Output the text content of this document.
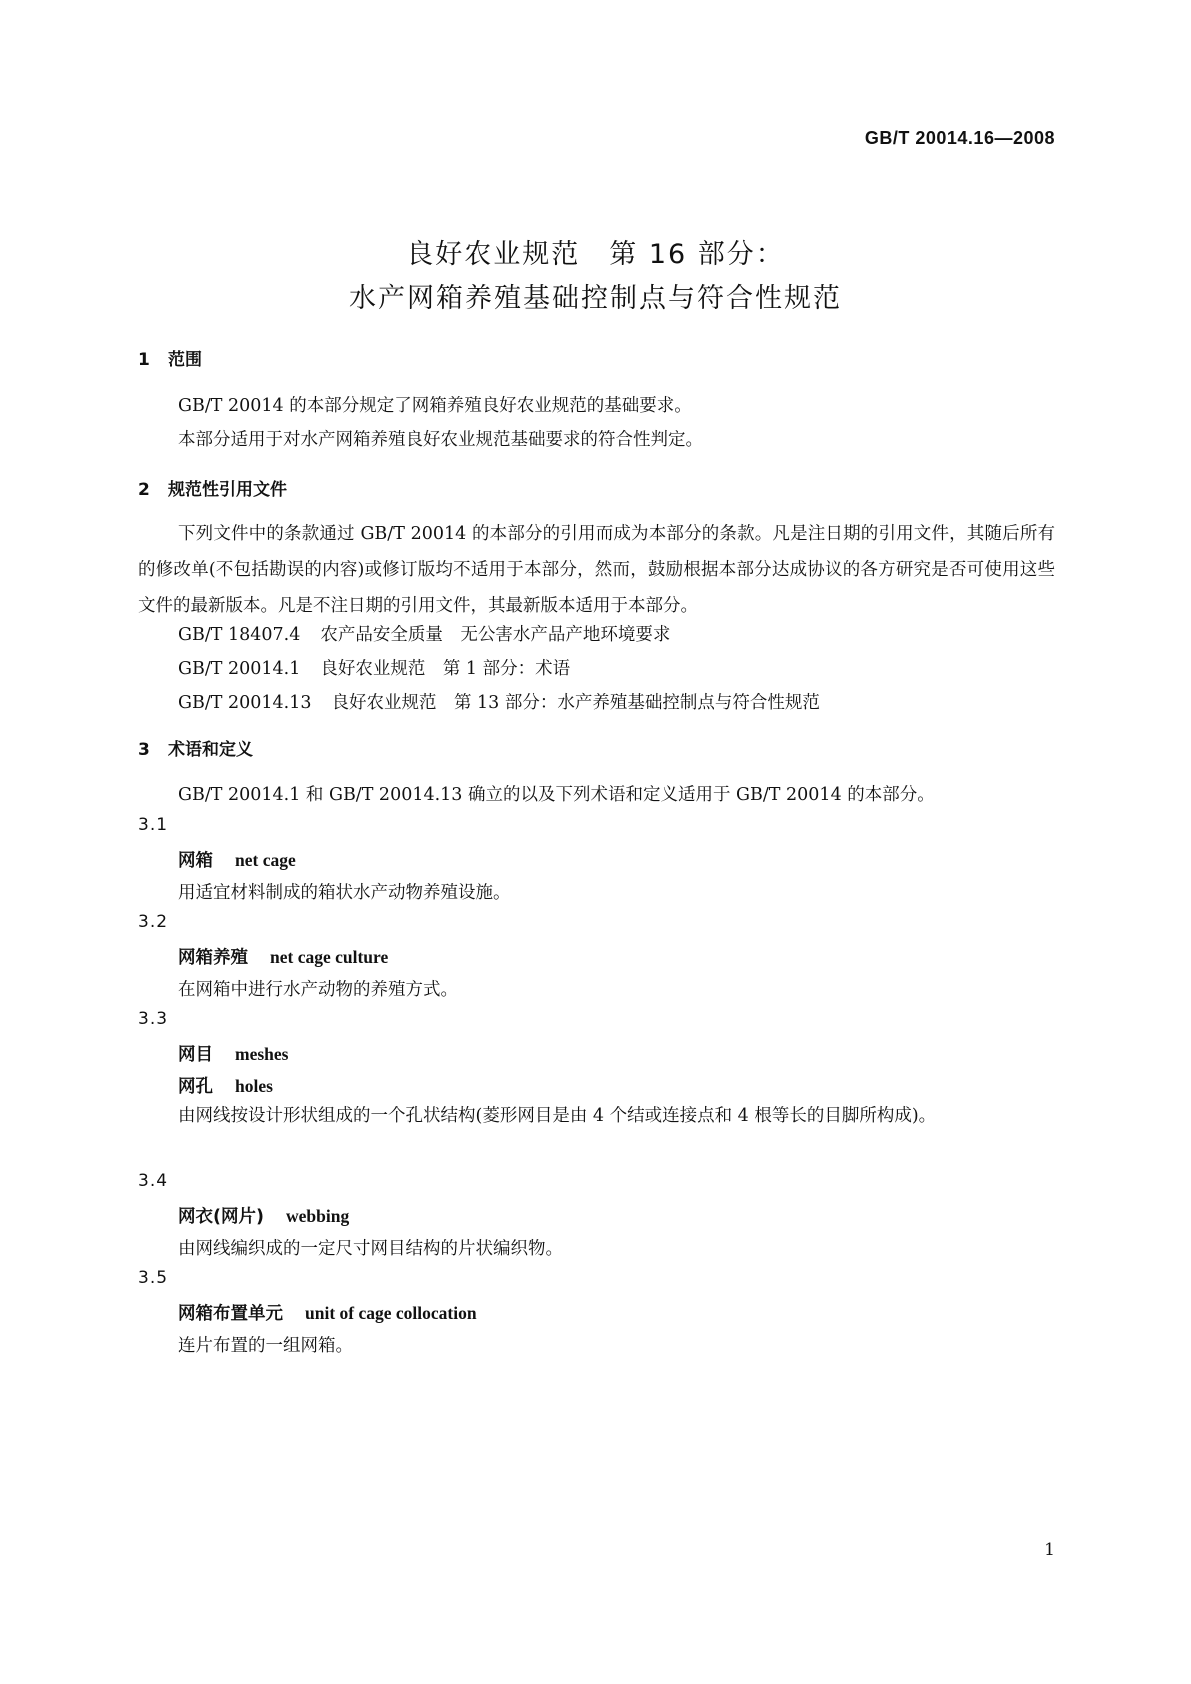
GB/T 20014.16—2008
良好农业规范　第 16 部分：
水产网箱养殖基础控制点与符合性规范
1 范围
GB/T 20014 的本部分规定了网箱养殖良好农业规范的基础要求。
本部分适用于对水产网箱养殖良好农业规范基础要求的符合性判定。
2 规范性引用文件
下列文件中的条款通过 GB/T 20014 的本部分的引用而成为本部分的条款。凡是注日期的引用文件，其随后所有的修改单(不包括勘误的内容)或修订版均不适用于本部分，然而，鼓励根据本部分达成协议的各方研究是否可使用这些文件的最新版本。凡是不注日期的引用文件，其最新版本适用于本部分。
GB/T 18407.4 农产品安全质量　无公害水产品产地环境要求
GB/T 20014.1 良好农业规范　第 1 部分：术语
GB/T 20014.13 良好农业规范　第 13 部分：水产养殖基础控制点与符合性规范
3 术语和定义
GB/T 20014.1 和 GB/T 20014.13 确立的以及下列术语和定义适用于 GB/T 20014 的本部分。
3.1
网箱 net cage
用适宜材料制成的箱状水产动物养殖设施。
3.2
网箱养殖 net cage culture
在网箱中进行水产动物的养殖方式。
3.3
网目 meshes
网孔 holes
由网线按设计形状组成的一个孔状结构(菱形网目是由 4 个结或连接点和 4 根等长的目脚所构成)。
3.4
网衣(网片) webbing
由网线编织成的一定尺寸网目结构的片状编织物。
3.5
网箱布置单元 unit of cage collocation
连片布置的一组网箱。
1
